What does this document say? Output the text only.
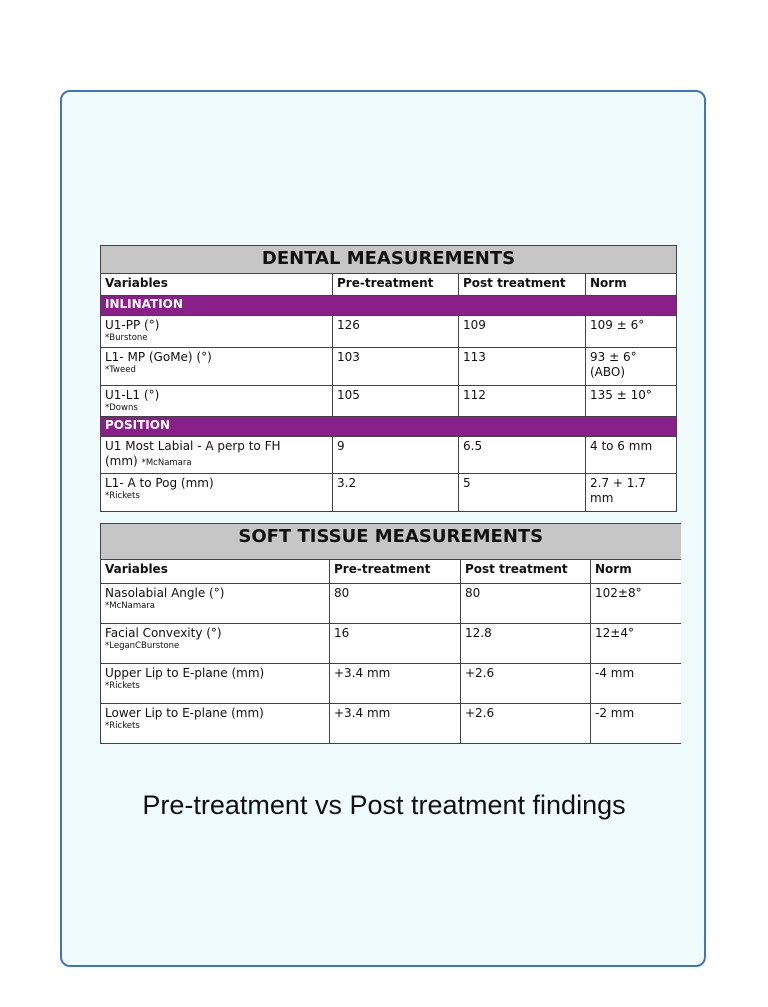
DENTAL MEASUREMENTS			
Variables	Pre-treatment	Post treatment	Norm
INLINATION			
U1-PP (°)
*Burstone	126	109	109 ± 6°
L1- MP (GoMe) (°)
*Tweed	103	113	93 ± 6°
(ABO)

U1-L1 (°)
*Downs	105	112	135 ± 10°
POSITION			

U1 Most Labial - A perp to FH
(mm) *McNamara	9	6.5	4 to 6 mm
L1- A to Pog (mm)
*Rickets	3.2	5	2.7 + 1.7
mm
SOFT TISSUE MEASUREMENTS			
Variables	Pre-treatment	Post treatment	Norm
Nasolabial Angle (°)
*McNamara	80	80	102±8°
Facial Convexity (°)
*LeganCBurstone	16	12.8	12±4°
Upper Lip to E-plane (mm)
*Rickets	+3.4 mm	+2.6	-4 mm
Lower Lip to E-plane (mm)
*Rickets	+3.4 mm	+2.6	-2 mm
Pre-treatment vs Post treatment findings
